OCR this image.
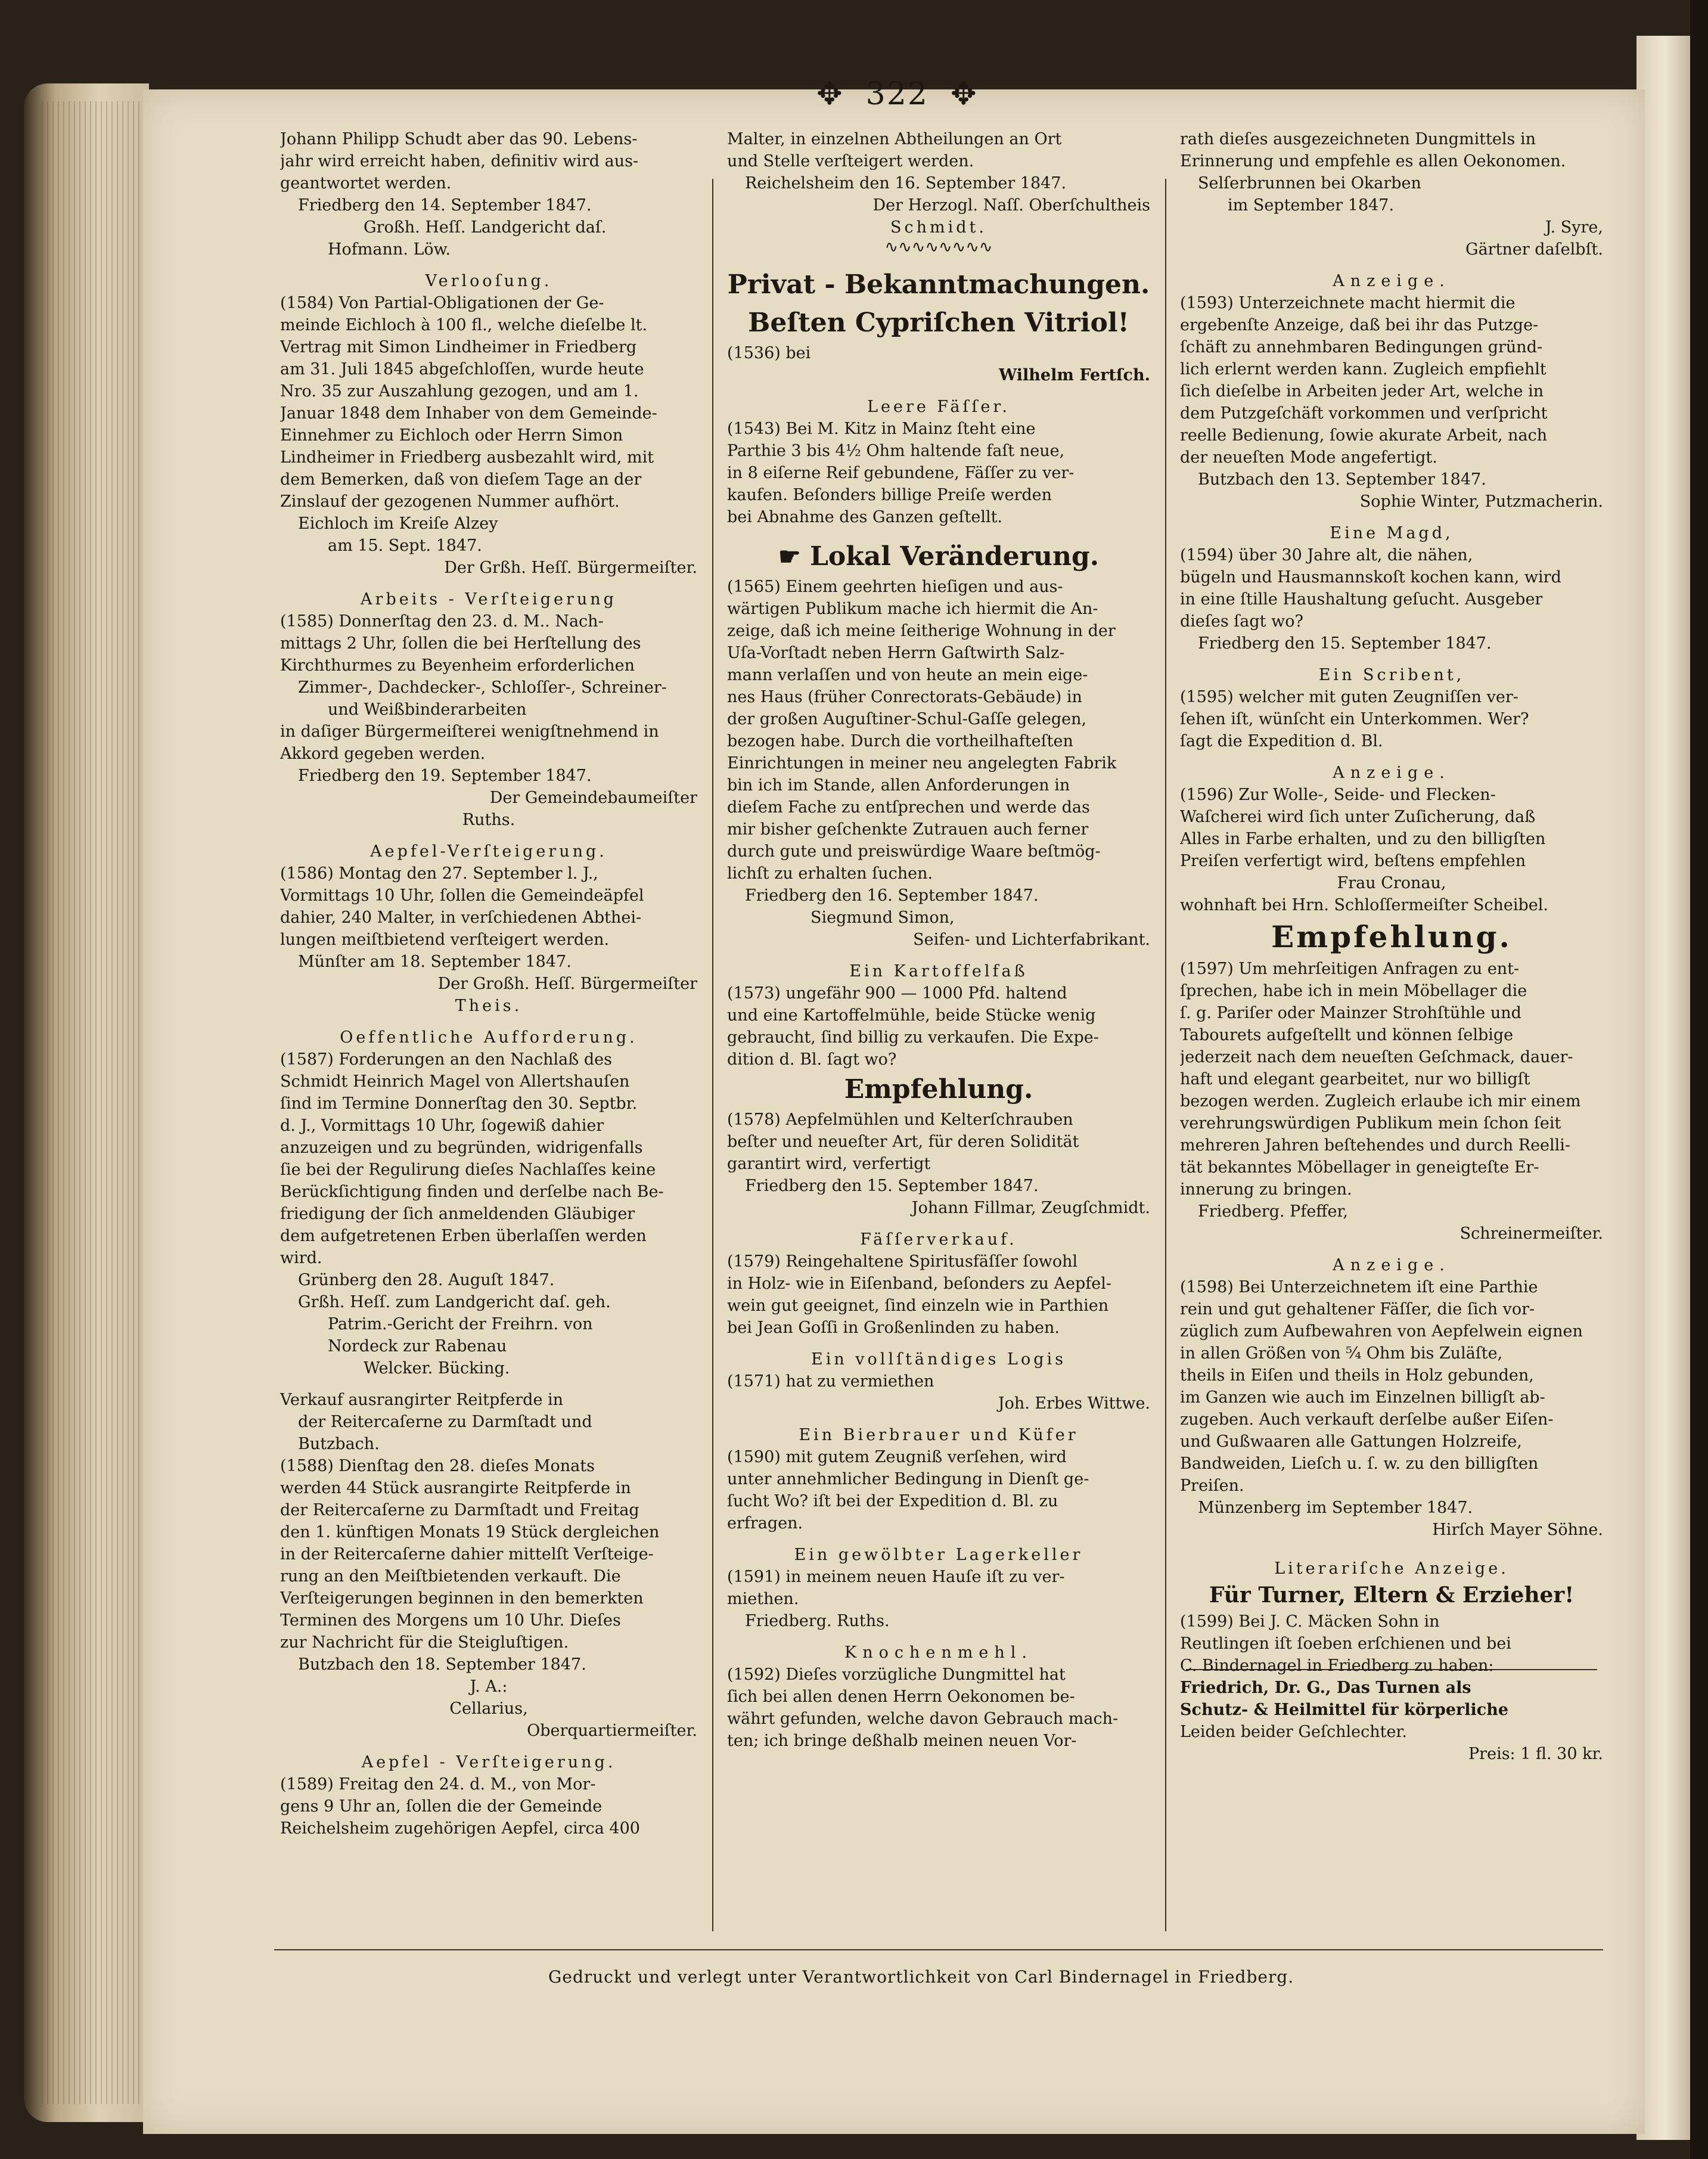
✥ 322 ✥
Johann Philipp Schudt aber das 90. Lebens-
jahr wird erreicht haben, definitiv wird aus-
geantwortet werden.
Friedberg den 14. September 1847.
Großh. Heſſ. Landgericht daſ.
Hofmann. Löw.
Verlooſung.
(1584) Von Partial-Obligationen der Ge-
meinde Eichloch à 100 fl., welche dieſelbe lt.
Vertrag mit Simon Lindheimer in Friedberg
am 31. Juli 1845 abgeſchloſſen, wurde heute
Nro. 35 zur Auszahlung gezogen, und am 1.
Januar 1848 dem Inhaber von dem Gemeinde-
Einnehmer zu Eichloch oder Herrn Simon
Lindheimer in Friedberg ausbezahlt wird, mit
dem Bemerken, daß von dieſem Tage an der
Zinslauf der gezogenen Nummer aufhört.
Eichloch im Kreiſe Alzey
am 15. Sept. 1847.
Der Grßh. Heſſ. Bürgermeiſter.
Arbeits - Verſteigerung
(1585) Donnerſtag den 23. d. M.. Nach-
mittags 2 Uhr, ſollen die bei Herſtellung des
Kirchthurmes zu Beyenheim erforderlichen
Zimmer-, Dachdecker-, Schloſſer-, Schreiner-
und Weißbinderarbeiten
in daſiger Bürgermeiſterei wenigſtnehmend in
Akkord gegeben werden.
Friedberg den 19. September 1847.
Der Gemeindebaumeiſter
Ruths.
Aepfel-Verſteigerung.
(1586) Montag den 27. September l. J.,
Vormittags 10 Uhr, ſollen die Gemeindeäpfel
dahier, 240 Malter, in verſchiedenen Abthei-
lungen meiſtbietend verſteigert werden.
Münſter am 18. September 1847.
Der Großh. Heſſ. Bürgermeiſter
Theis.
Oeffentliche Aufforderung.
(1587) Forderungen an den Nachlaß des
Schmidt Heinrich Magel von Allertshauſen
ſind im Termine Donnerſtag den 30. Septbr.
d. J., Vormittags 10 Uhr, ſogewiß dahier
anzuzeigen und zu begründen, widrigenfalls
ſie bei der Regulirung dieſes Nachlaſſes keine
Berückſichtigung finden und derſelbe nach Be-
friedigung der ſich anmeldenden Gläubiger
dem aufgetretenen Erben überlaſſen werden
wird.
Grünberg den 28. Auguſt 1847.
Grßh. Heſſ. zum Landgericht daſ. geh.
Patrim.-Gericht der Freihrn. von
Nordeck zur Rabenau
Welcker. Bücking.
Verkauf ausrangirter Reitpferde in
der Reitercaſerne zu Darmſtadt und
Butzbach.
(1588) Dienſtag den 28. dieſes Monats
werden 44 Stück ausrangirte Reitpferde in
der Reitercaſerne zu Darmſtadt und Freitag
den 1. künftigen Monats 19 Stück dergleichen
in der Reitercaſerne dahier mittelſt Verſteige-
rung an den Meiſtbietenden verkauft. Die
Verſteigerungen beginnen in den bemerkten
Terminen des Morgens um 10 Uhr. Dieſes
zur Nachricht für die Steigluſtigen.
Butzbach den 18. September 1847.
J. A.:
Cellarius,
Oberquartiermeiſter.
Aepfel - Verſteigerung.
(1589) Freitag den 24. d. M., von Mor-
gens 9 Uhr an, ſollen die der Gemeinde
Reichelsheim zugehörigen Aepfel, circa 400
Malter, in einzelnen Abtheilungen an Ort
und Stelle verſteigert werden.
Reichelsheim den 16. September 1847.
Der Herzogl. Naſſ. Oberſchultheis
Schmidt.
∿∿∿∿∿∿∿∿
Privat - Bekanntmachungen.
Beſten Cypriſchen Vitriol!
(1536) bei
Wilhelm Fertſch.
Leere Fäſſer.
(1543) Bei M. Kitz in Mainz ſteht eine
Parthie 3 bis 4½ Ohm haltende faſt neue,
in 8 eiſerne Reif gebundene, Fäſſer zu ver-
kaufen. Beſonders billige Preiſe werden
bei Abnahme des Ganzen geſtellt.
☛ Lokal Veränderung.
(1565) Einem geehrten hieſigen und aus-
wärtigen Publikum mache ich hiermit die An-
zeige, daß ich meine ſeitherige Wohnung in der
Uſa-Vorſtadt neben Herrn Gaſtwirth Salz-
mann verlaſſen und von heute an mein eige-
nes Haus (früher Conrectorats-Gebäude) in
der großen Auguſtiner-Schul-Gaſſe gelegen,
bezogen habe. Durch die vortheilhafteſten
Einrichtungen in meiner neu angelegten Fabrik
bin ich im Stande, allen Anforderungen in
dieſem Fache zu entſprechen und werde das
mir bisher geſchenkte Zutrauen auch ferner
durch gute und preiswürdige Waare beſtmög-
lichſt zu erhalten ſuchen.
Friedberg den 16. September 1847.
Siegmund Simon,
Seifen- und Lichterfabrikant.
Ein Kartoffelfaß
(1573) ungefähr 900 — 1000 Pfd. haltend
und eine Kartoffelmühle, beide Stücke wenig
gebraucht, ſind billig zu verkaufen. Die Expe-
dition d. Bl. ſagt wo?
Empfehlung.
(1578) Aepfelmühlen und Kelterſchrauben
beſter und neueſter Art, für deren Solidität
garantirt wird, verfertigt
Friedberg den 15. September 1847.
Johann Fillmar, Zeugſchmidt.
Fäſſerverkauf.
(1579) Reingehaltene Spiritusfäſſer ſowohl
in Holz- wie in Eiſenband, beſonders zu Aepfel-
wein gut geeignet, ſind einzeln wie in Parthien
bei Jean Goſſi in Großenlinden zu haben.
Ein vollſtändiges Logis
(1571) hat zu vermiethen
Joh. Erbes Wittwe.
Ein Bierbrauer und Küfer
(1590) mit gutem Zeugniß verſehen, wird
unter annehmlicher Bedingung in Dienſt ge-
ſucht Wo? iſt bei der Expedition d. Bl. zu
erfragen.
Ein gewölbter Lagerkeller
(1591) in meinem neuen Hauſe iſt zu ver-
miethen.
Friedberg. Ruths.
Knochenmehl.
(1592) Dieſes vorzügliche Dungmittel hat
ſich bei allen denen Herrn Oekonomen be-
währt gefunden, welche davon Gebrauch mach-
ten; ich bringe deßhalb meinen neuen Vor-
rath dieſes ausgezeichneten Dungmittels in
Erinnerung und empfehle es allen Oekonomen.
Selſerbrunnen bei Okarben
im September 1847.
J. Syre,
Gärtner daſelbſt.
Anzeige.
(1593) Unterzeichnete macht hiermit die
ergebenſte Anzeige, daß bei ihr das Putzge-
ſchäft zu annehmbaren Bedingungen gründ-
lich erlernt werden kann. Zugleich empfiehlt
ſich dieſelbe in Arbeiten jeder Art, welche in
dem Putzgeſchäft vorkommen und verſpricht
reelle Bedienung, ſowie akurate Arbeit, nach
der neueſten Mode angefertigt.
Butzbach den 13. September 1847.
Sophie Winter, Putzmacherin.
Eine Magd,
(1594) über 30 Jahre alt, die nähen,
bügeln und Hausmannskoſt kochen kann, wird
in eine ſtille Haushaltung geſucht. Ausgeber
dieſes ſagt wo?
Friedberg den 15. September 1847.
Ein Scribent,
(1595) welcher mit guten Zeugniſſen ver-
ſehen iſt, wünſcht ein Unterkommen. Wer?
ſagt die Expedition d. Bl.
Anzeige.
(1596) Zur Wolle-, Seide- und Flecken-
Waſcherei wird ſich unter Zuſicherung, daß
Alles in Farbe erhalten, und zu den billigſten
Preiſen verfertigt wird, beſtens empfehlen
Frau Cronau,
wohnhaft bei Hrn. Schloſſermeiſter Scheibel.
Empfehlung.
(1597) Um mehrſeitigen Anfragen zu ent-
ſprechen, habe ich in mein Möbellager die
ſ. g. Pariſer oder Mainzer Strohſtühle und
Tabourets aufgeſtellt und können ſelbige
jederzeit nach dem neueſten Geſchmack, dauer-
haft und elegant gearbeitet, nur wo billigſt
bezogen werden. Zugleich erlaube ich mir einem
verehrungswürdigen Publikum mein ſchon ſeit
mehreren Jahren beſtehendes und durch Reelli-
tät bekanntes Möbellager in geneigteſte Er-
innerung zu bringen.
Friedberg. Pfeffer,
Schreinermeiſter.
Anzeige.
(1598) Bei Unterzeichnetem iſt eine Parthie
rein und gut gehaltener Fäſſer, die ſich vor-
züglich zum Aufbewahren von Aepfelwein eignen
in allen Größen von ⁵⁄₄ Ohm bis Zuläſte,
theils in Eiſen und theils in Holz gebunden,
im Ganzen wie auch im Einzelnen billigſt ab-
zugeben. Auch verkauft derſelbe außer Eiſen-
und Gußwaaren alle Gattungen Holzreife,
Bandweiden, Lieſch u. ſ. w. zu den billigſten
Preiſen.
Münzenberg im September 1847.
Hirſch Mayer Söhne.
Literariſche Anzeige.
Für Turner, Eltern & Erzieher!
(1599) Bei J. C. Mäcken Sohn in
Reutlingen iſt ſoeben erſchienen und bei
C. Bindernagel in Friedberg zu haben:
Friedrich, Dr. G., Das Turnen als
Schutz- & Heilmittel für körperliche
Leiden beider Geſchlechter.
Preis: 1 fl. 30 kr.
Gedruckt und verlegt unter Verantwortlichkeit von Carl Bindernagel in Friedberg.
